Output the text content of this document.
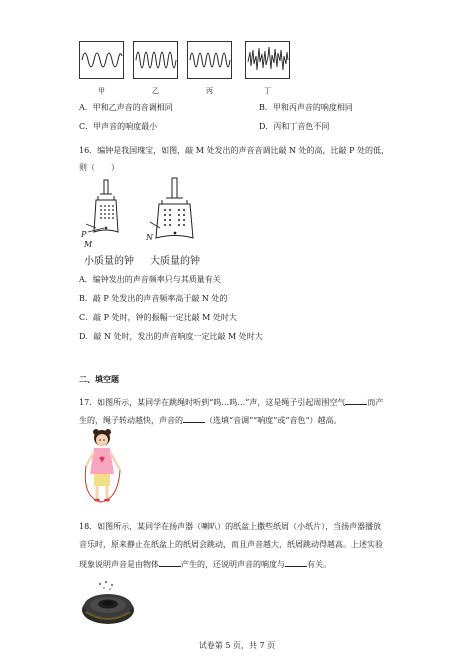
甲	乙	丙	丁
A．甲和乙声音的音调相同	B．甲和丙声音的响度相同
C．甲声音的响度最小	D．丙和丁音色不同
16．编钟是我国瑰宝，如图，敲 M 处发出的声音音调比敲 N 处的高，比敲 P 处的低，
则（　　）
P
M
N
小质量的钟 大质量的钟
A．编钟发出的声音频率只与其质量有关
B．敲 P 处发出的声音频率高于敲 N 处的
C．敲 P 处时，钟的振幅一定比敲 M 处时大
D．敲 N 处时，发出的声音响度一定比敲 M 处时大
二、填空题
17．如图所示，某同学在跳绳时听到“呜…呜…”声，这是绳子引起周围空气	而产
生的，绳子转动越快，声音的	（选填“音调”“响度”或“音色”）越高。
18．如图所示，某同学在扬声器（喇叭）的纸盆上撒些纸屑（小纸片），当扬声器播放
音乐时，原来静止在纸盆上的纸屑会跳动，而且声音越大，纸屑跳动得越高。上述实验
现象说明声音是由物体	产生的，还说明声音的响度与	有关。
试卷第 5 页，共 7 页
